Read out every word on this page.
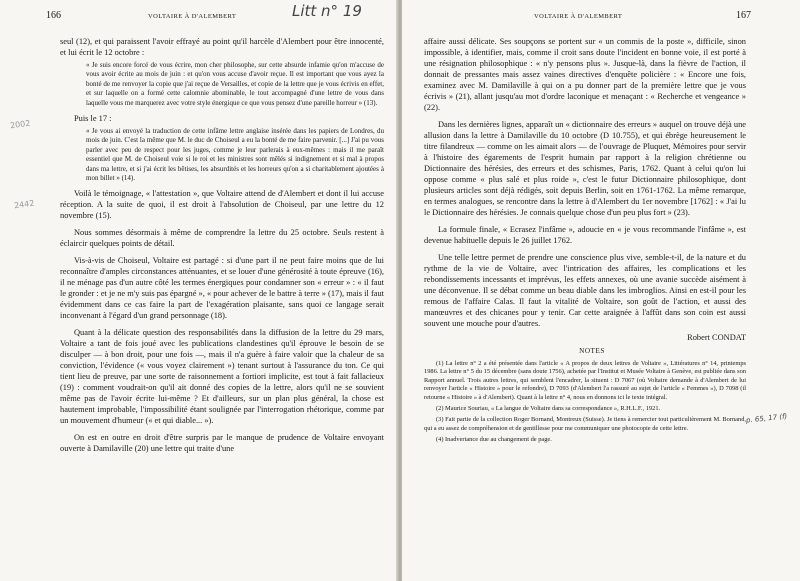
166	VOLTAIRE À D'ALEMBERT	Litt n° 19
2002
2442

seul (12), et qui paraissent l'avoir effrayé au point qu'il harcèle d'Alembert pour être innocenté, et lui écrit le 12 octobre :

« Je suis encore forcé de vous écrire, mon cher philosophe, sur cette absurde infamie qu'on m'accuse de vous avoir écrite au mois de juin : et qu'on vous accuse d'avoir reçue. Il est important que vous ayez la bonté de me renvoyer la copie que j'ai reçue de Versailles, et copie de la lettre que je vous écrivis en effet, et sur laquelle on a formé cette calomnie abominable, le tout accompagné d'une lettre de vous dans laquelle vous me marquerez avec votre style énergique ce que vous pensez d'une pareille horreur » (13).

Puis le 17 :

« Je vous ai envoyé la traduction de cette infâme lettre anglaise insérée dans les papiers de Londres, du mois de juin. C'est la même que M. le duc de Choiseul a eu la bonté de me faire parvenir. [...] J'ai pu vous parler avec peu de respect pour les juges, comme je leur parlerais à eux-mêmes : mais il me paraît essentiel que M. de Choiseul voie si le roi et les ministres sont mêlés si indignement et si mal à propos dans ma lettre, et si j'ai écrit les bêtises, les absurdités et les horreurs qu'on a si charitablement ajoutées à mon billet » (14).

Voilà le témoignage, « l'attestation », que Voltaire attend de d'Alembert et dont il lui accuse réception. A la suite de quoi, il est droit à l'absolution de Choiseul, par une lettre du 12 novembre (15).

Nous sommes désormais à même de comprendre la lettre du 25 octobre. Seuls restent à éclaircir quelques points de détail.

Vis-à-vis de Choiseul, Voltaire est partagé : si d'une part il ne peut faire moins que de lui reconnaître d'amples circonstances atténuantes, et se louer d'une générosité à toute épreuve (16), il ne ménage pas d'un autre côté les termes énergiques pour condamner son « erreur » : « il faut le gronder : et je ne m'y suis pas épargné », « pour achever de le battre à terre » (17), mais il faut évidemment dans ce cas faire la part de l'exagération plaisante, sans quoi ce langage serait inconvenant à l'égard d'un grand personnage (18).

Quant à la délicate question des responsabilités dans la diffusion de la lettre du 29 mars, Voltaire a tant de fois joué avec les publications clandestines qu'il éprouve le besoin de se disculper — à bon droit, pour une fois —, mais il n'a guère à faire valoir que la chaleur de sa conviction, l'évidence (« vous voyez clairement ») tenant surtout à l'assurance du ton. Ce qui tient lieu de preuve, par une sorte de raisonnement a fortiori implicite, est tout à fait fallacieux (19) : comment voudrait-on qu'il ait donné des copies de la lettre, alors qu'il ne se souvient même pas de l'avoir écrite lui-même ? Et d'ailleurs, sur un plan plus général, la chose est hautement improbable, l'impossibilité étant soulignée par l'interrogation rhétorique, comme par un mouvement d'humeur (« et qui diable... »).

On est en outre en droit d'être surpris par le manque de prudence de Voltaire envoyant ouverte à Damilaville (20) une lettre qui traite d'une

VOLTAIRE À D'ALEMBERT	167
p. 65, 17 (f)

affaire aussi délicate. Ses soupçons se portent sur « un commis de la poste », difficile, sinon impossible, à identifier, mais, comme il croit sans doute l'incident en bonne voie, il est porté à une résignation philosophique : « n'y pensons plus ». Jusque-là, dans la fièvre de l'action, il donnait de pressantes mais assez vaines directives d'enquête policière : « Encore une fois, examinez avec M. Damilaville à qui on a pu donner part de la première lettre que je vous écrivis » (21), allant jusqu'au mot d'ordre laconique et menaçant : « Recherche et vengeance » (22).

Dans les dernières lignes, apparaît un « dictionnaire des erreurs » auquel on trouve déjà une allusion dans la lettre à Damilaville du 10 octobre (D 10.755), et qui ébrège heureusement le titre filandreux — comme on les aimait alors — de l'ouvrage de Pluquet, Mémoires pour servir à l'histoire des égarements de l'esprit humain par rapport à la religion chrétienne ou Dictionnaire des hérésies, des erreurs et des schismes, Paris, 1762. Quant à celui qu'on lui oppose comme « plus salé et plus roide », c'est le futur Dictionnaire philosophique, dont plusieurs articles sont déjà rédigés, soit depuis Berlin, soit en 1761-1762. La même remarque, en termes analogues, se rencontre dans la lettre à d'Alembert du 1er novembre [1762] : « J'ai lu le Dictionnaire des hérésies. Je connais quelque chose d'un peu plus fort » (23).

La formule finale, « Ecrasez l'infâme », adoucie en « je vous recommande l'infâme », est devenue habituelle depuis le 26 juillet 1762.

Une telle lettre permet de prendre une conscience plus vive, semble-t-il, de la nature et du rythme de la vie de Voltaire, avec l'intrication des affaires, les complications et les rebondissements incessants et imprévus, les effets annexes, où une avanie succède aisément à une déconvenue. Il se débat comme un beau diable dans les imbroglios. Ainsi en est-il pour les remous de l'affaire Calas. Il faut la vitalité de Voltaire, son goût de l'action, et aussi des manœuvres et des chicanes pour y tenir. Car cette araignée à l'affût dans son coin est aussi souvent une mouche pour d'autres.

Robert CONDAT

NOTES

(1) La lettre n° 2 a été présentée dans l'article « A propos de deux lettres de Voltaire », Littératures n° 14, printemps 1986. La lettre n° 5 du 15 décembre (sans doute 1756), achetée par l'Institut et Musée Voltaire à Genève, est publiée dans son Rapport annuel. Trois autres lettres, qui semblent l'encadrer, la situent : D 7067 (où Voltaire demande à d'Alembert de lui renvoyer l'article « Histoire » pour le refondre), D 7093 (d'Alembert l'a rassuré au sujet de l'article « Femmes »), D 7098 (il retourne « Histoire » à d'Alembert). Quant à la lettre n° 4, nous en donnons ici le texte intégral.

(2) Maurice Souriau, « La langue de Voltaire dans sa correspondance », R.H.L.F., 1921.

(3) Fait partie de la collection Roger Bornand, Montreux (Suisse). Je tiens à remercier tout particulièrement M. Bornand, qui a eu assez de compréhension et de gentillesse pour me communiquer une photocopie de cette lettre.

(4) Inadvertance due au changement de page.
